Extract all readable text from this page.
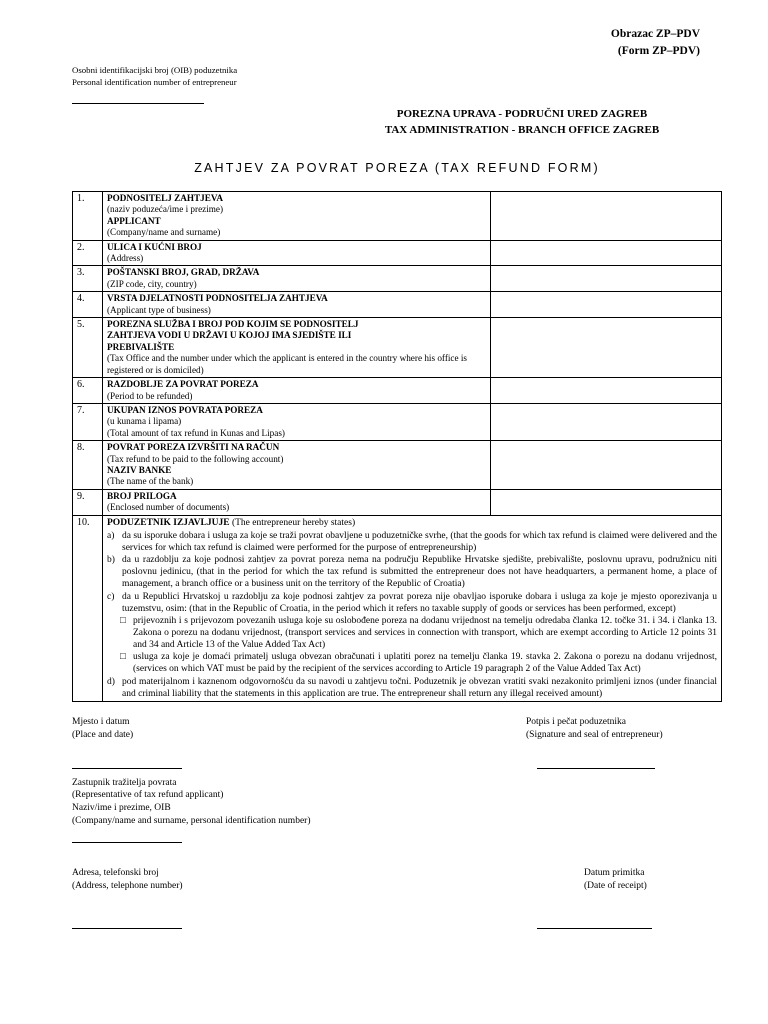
Obrazac ZP–PDV
(Form ZP–PDV)
Osobni identifikacijski broj (OIB) poduzetnika
Personal identification number of entrepreneur
POREZNA UPRAVA - PODRUČNI URED ZAGREB
TAX ADMINISTRATION - BRANCH OFFICE ZAGREB
ZAHTJEV ZA POVRAT POREZA (TAX REFUND FORM)
1.	PODNOSITELJ ZAHTJEVA
(naziv poduzeća/ime i prezime)
APPLICANT
(Company/name and surname)	

2.	ULICA I KUĆNI BROJ
(Address)	

3.	POŠTANSKI BROJ, GRAD, DRŽAVA
(ZIP code, city, country)	

4.	VRSTA DJELATNOSTI PODNOSITELJA ZAHTJEVA
(Applicant type of business)	

5.	POREZNA SLUŽBA I BROJ POD KOJIM SE PODNOSITELJ
ZAHTJEVA VODI U DRŽAVI U KOJOJ IMA SJEDIŠTE ILI
PREBIVALIŠTE
(Tax Office and the number under which the applicant is entered in the country where his office is registered or is domiciled)	

6.	RAZDOBLJE ZA POVRAT POREZA
(Period to be refunded)	

7.	UKUPAN IZNOS POVRATA POREZA
(u kunama i lipama)
(Total amount of tax refund in Kunas and Lipas)	

8.	POVRAT POREZA IZVRŠITI NA RAČUN
(Tax refund to be paid to the following account)
NAZIV BANKE
(The name of the bank)	

9.	BROJ PRILOGA
(Enclosed number of documents)	

10.	PODUZETNIK IZJAVLJUJE (The entrepreneur hereby states)
a) da su isporuke dobara i usluga za koje se traži povrat obavljene u poduzetničke svrhe, (that the goods for which tax refund is claimed were delivered and the services for which tax refund is claimed were performed for the purpose of entrepreneurship)
b) da u razdoblju za koje podnosi zahtjev za povrat poreza nema na području Republike Hrvatske sjedište, prebivalište, poslovnu upravu, podružnicu niti poslovnu jedinicu, (that in the period for which the tax refund is submitted the entrepreneur does not have headquarters, a permanent home, a place of management, a branch office or a business unit on the territory of the Republic of Croatia)
c) da u Republici Hrvatskoj u razdoblju za koje podnosi zahtjev za povrat poreza nije obavljao isporuke dobara i usluga za koje je mjesto oporezivanja u tuzemstvu, osim: (that in the Republic of Croatia, in the period which it refers no taxable supply of goods or services has been performed, except)
□ prijevoznih i s prijevozom povezanih usluga koje su oslobođene poreza na dodanu vrijednost na temelju odredaba članka 12. točke 31. i 34. i članka 13. Zakona o porezu na dodanu vrijednost, (transport services and services in connection with transport, which are exempt according to Article 12 points 31 and 34 and Article 13 of the Value Added Tax Act)
□ usluga za koje je domaći primatelj usluga obvezan obračunati i uplatiti porez na temelju članka 19. stavka 2. Zakona o porezu na dodanu vrijednost, (services on which VAT must be paid by the recipient of the services according to Article 19 paragraph 2 of the Value Added Tax Act)
d) pod materijalnom i kaznenom odgovornošću da su navodi u zahtjevu točni. Poduzetnik je obvezan vratiti svaki nezakonito primljeni iznos (under financial and criminal liability that the statements in this application are true. The entrepreneur shall return any illegal received amount)
Mjesto i datum
(Place and date)
Potpis i pečat poduzetnika
(Signature and seal of entrepreneur)
Zastupnik tražitelja povrata
(Representative of tax refund applicant)
Naziv/ime i prezime, OIB
(Company/name and surname, personal identification number)
Adresa, telefonski broj
(Address, telephone number)
Datum primitka
(Date of receipt)
